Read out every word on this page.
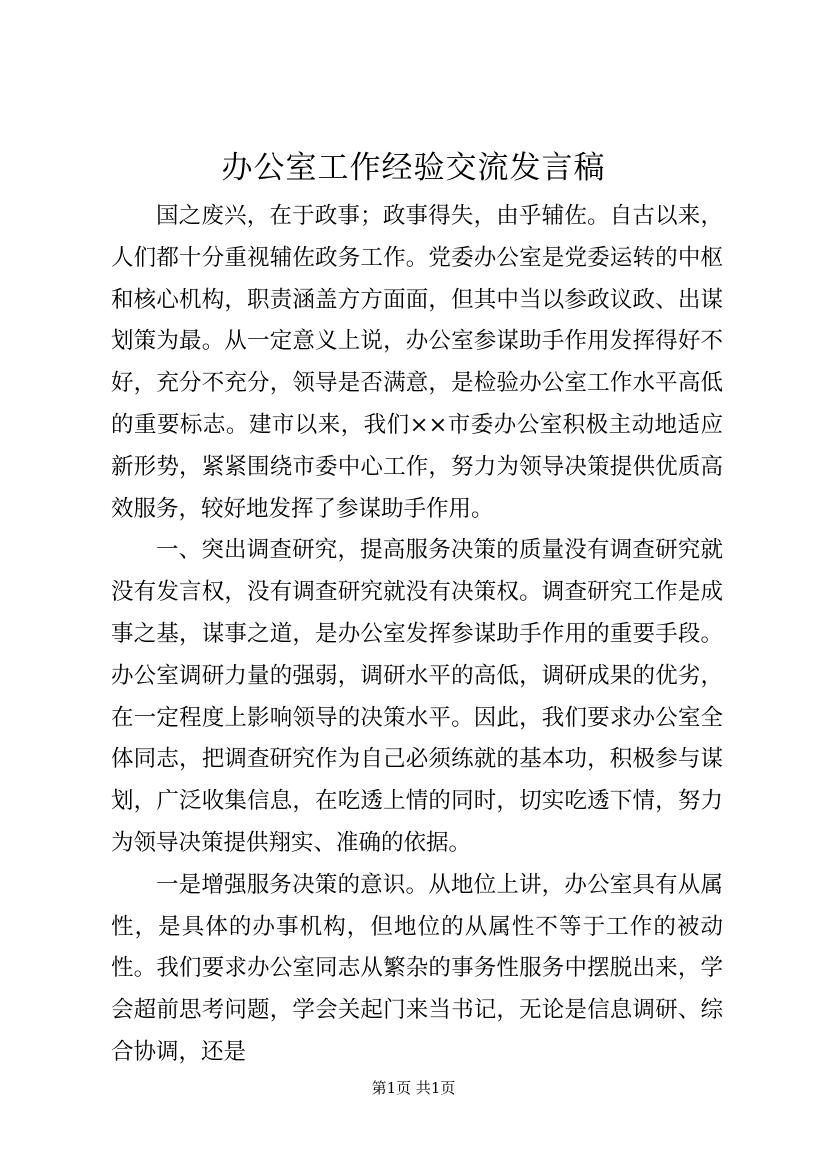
办公室工作经验交流发言稿

国之废兴，在于政事；政事得失，由乎辅佐。自古以来，人们都十分重视辅佐政务工作。党委办公室是党委运转的中枢和核心机构，职责涵盖方方面面，但其中当以参政议政、出谋划策为最。从一定意义上说，办公室参谋助手作用发挥得好不好，充分不充分，领导是否满意，是检验办公室工作水平高低的重要标志。建市以来，我们××市委办公室积极主动地适应新形势，紧紧围绕市委中心工作，努力为领导决策提供优质高效服务，较好地发挥了参谋助手作用。

一、突出调查研究，提高服务决策的质量没有调查研究就没有发言权，没有调查研究就没有决策权。调查研究工作是成事之基，谋事之道，是办公室发挥参谋助手作用的重要手段。办公室调研力量的强弱，调研水平的高低，调研成果的优劣，在一定程度上影响领导的决策水平。因此，我们要求办公室全体同志，把调查研究作为自己必须练就的基本功，积极参与谋划，广泛收集信息，在吃透上情的同时，切实吃透下情，努力为领导决策提供翔实、准确的依据。

一是增强服务决策的意识。从地位上讲，办公室具有从属性，是具体的办事机构，但地位的从属性不等于工作的被动性。我们要求办公室同志从繁杂的事务性服务中摆脱出来，学会超前思考问题，学会关起门来当书记，无论是信息调研、综合协调，还是

第1页 共1页
